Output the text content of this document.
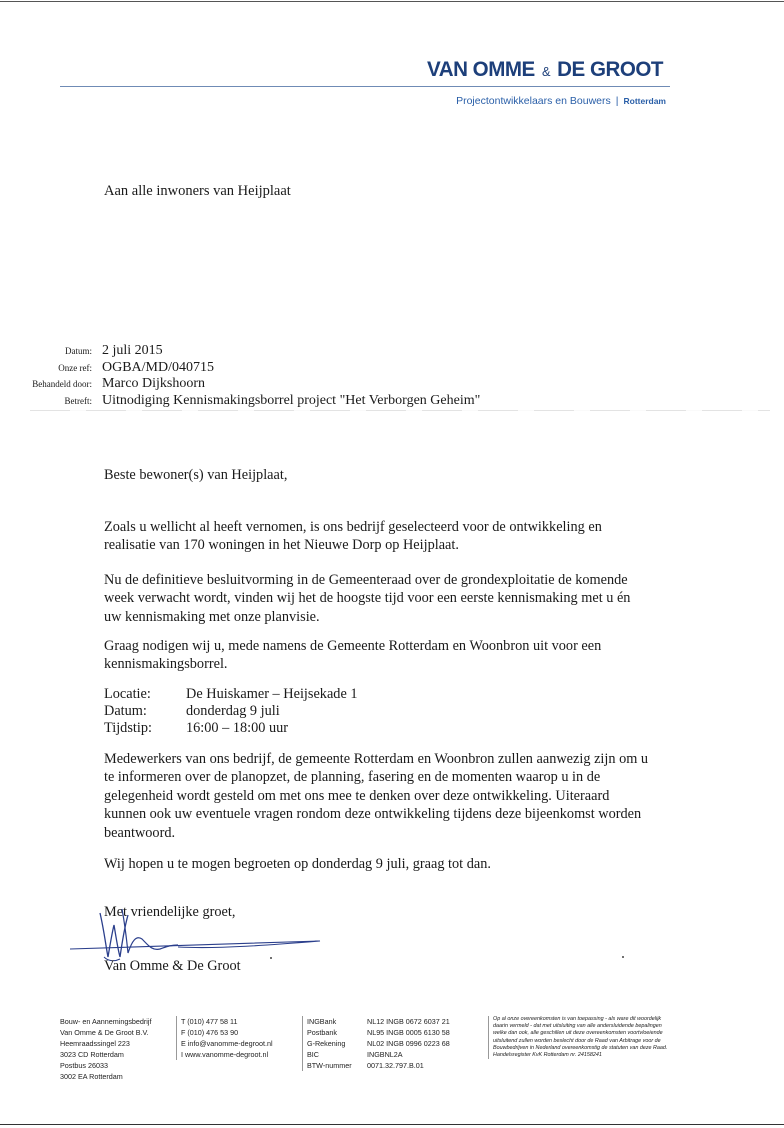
VAN OMME & DE GROOT
Projectontwikkelaars en Bouwers | Rotterdam
Aan alle inwoners van Heijplaat
Datum: 2 juli 2015
Onze ref: OGBA/MD/040715
Behandeld door: Marco Dijkshoorn
Betreft: Uitnodiging Kennismakingsborrel project "Het Verborgen Geheim"
Beste bewoner(s) van Heijplaat,
Zoals u wellicht al heeft vernomen, is ons bedrijf geselecteerd voor de ontwikkeling en realisatie van 170 woningen in het Nieuwe Dorp op Heijplaat.
Nu de definitieve besluitvorming in de Gemeenteraad over de grondexploitatie de komende week verwacht wordt, vinden wij het de hoogste tijd voor een eerste kennismaking met u én uw kennismaking met onze planvisie.
Graag nodigen wij u, mede namens de Gemeente Rotterdam en Woonbron uit voor een kennismakingsborrel.
Locatie: De Huiskamer – Heijsekade 1
Datum:	donderdag 9 juli
Tijdstip: 16:00 – 18:00 uur
Medewerkers van ons bedrijf, de gemeente Rotterdam en Woonbron zullen aanwezig zijn om u te informeren over de planopzet, de planning, fasering en de momenten waarop u in de gelegenheid wordt gesteld om met ons mee te denken over deze ontwikkeling. Uiteraard kunnen ook uw eventuele vragen rondom deze ontwikkeling tijdens deze bijeenkomst worden beantwoord.
Wij hopen u te mogen begroeten op donderdag 9 juli, graag tot dan.
Met vriendelijke groet,
Van Omme & De Groot
Bouw- en Aannemingsbedrijf
Van Omme & De Groot B.V.
Heemraadssingel 223
3023 CD Rotterdam
Postbus 26033
3002 EA Rotterdam
T (010) 477 58 11
F (010) 476 53 90
E info@vanomme-degroot.nl
I www.vanomme-degroot.nl
INGBank	NL12 INGB 0672 6037 21
Postbank	NL95 INGB 0005 6130 58
G-Rekening	NL02 INGB 0996 0223 68
BIC	INGBNL2A
BTW-nummer 0071.32.797.B.01
Op al onze overeenkomsten is van toepassing - als ware dit woordelijk daarin vermeld - dat met uitsluiting van alle andersluidende bepalingen welke dan ook, alle geschillen uit deze overeenkomsten voortvloeiende uitsluitend zullen worden beslecht door de Raad van Arbitrage voor de Bouwbedrijven in Nederland overeenkomstig de statuten van deze Raad. Handelsregister KvK Rotterdam nr. 24158241
